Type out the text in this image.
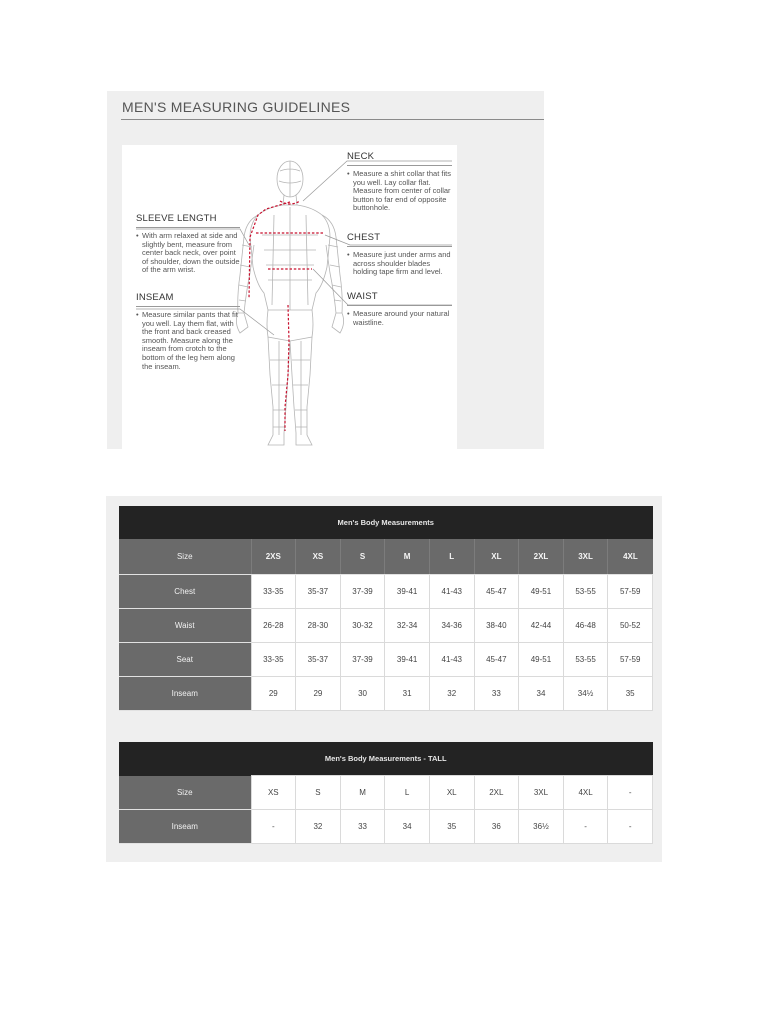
MEN'S MEASURING GUIDELINES
NECK
• Measure a shirt collar that fits you well. Lay collar flat. Measure from center of collar button to far end of opposite buttonhole.
SLEEVE LENGTH
• With arm relaxed at side and slightly bent, measure from center back neck, over point of shoulder, down the outside of the arm wrist.
CHEST
• Measure just under arms and across shoulder blades holding tape firm and level.
INSEAM
• Measure similar pants that fit you well. Lay them flat, with the front and back creased smooth. Measure along the inseam from crotch to the bottom of the leg hem along the inseam.
WAIST
• Measure around your natural waistline.
Men's Body Measurements									
Size	2XS	XS	S	M	L	XL	2XL	3XL	4XL
Chest	33-35	35-37	37-39	39-41	41-43	45-47	49-51	53-55	57-59
Waist	26-28	28-30	30-32	32-34	34-36	38-40	42-44	46-48	50-52
Seat	33-35	35-37	37-39	39-41	41-43	45-47	49-51	53-55	57-59
Inseam	29	29	30	31	32	33	34	34½	35
Men's Body Measurements - TALL									
Size	XS	S	M	L	XL	2XL	3XL	4XL	-
Inseam	-	32	33	34	35	36	36½	-	-
